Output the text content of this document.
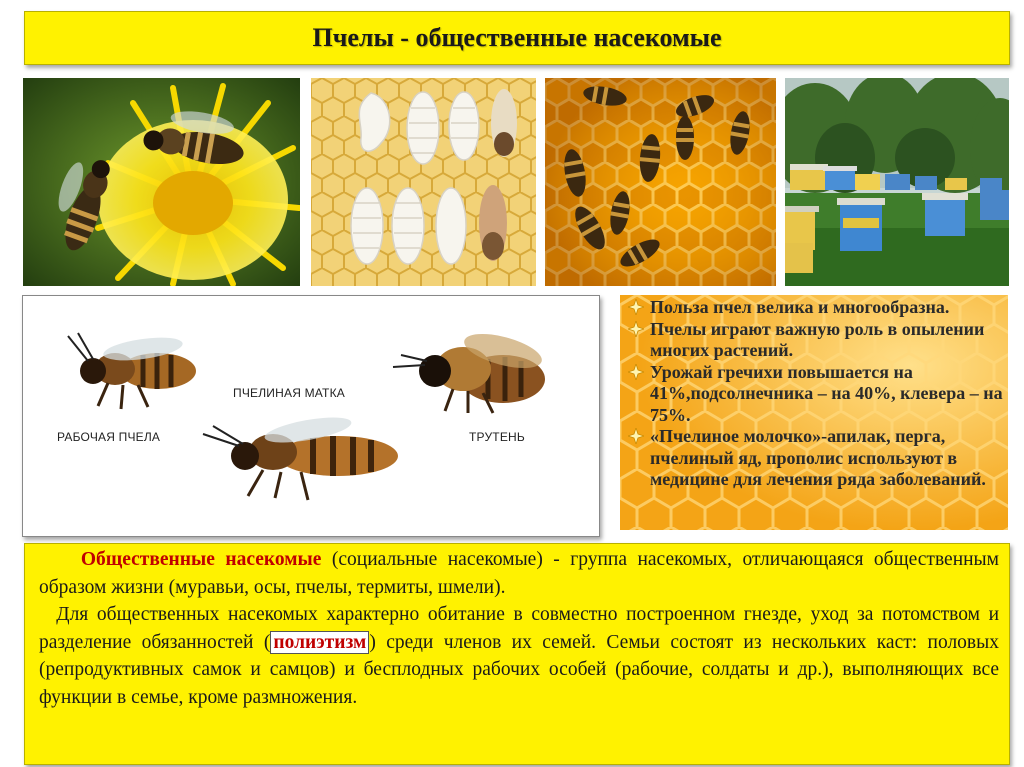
Пчелы - общественные насекомые
РАБОЧАЯ ПЧЕЛА
ПЧЕЛИНАЯ МАТКА
ТРУТЕНЬ
Польза пчел велика и многообразна.
Пчелы играют важную роль в опылении многих растений.
Урожай гречихи повышается на 41%,подсолнечника – на 40%, клевера – на 75%.
«Пчелиное молочко»-апилак, перга, пчелиный яд, прополис используют в медицине для лечения ряда заболеваний.

Общественные насекомые (социальные насекомые) - группа насекомых, отличающаяся общественным образом жизни (муравьи, осы, пчелы, термиты, шмели).

Для общественных насекомых характерно обитание в совместно построенном гнезде, уход за потомством и разделение обязанностей ( полиэтизм ) среди членов их семей. Семьи состоят из нескольких каст: половых (репродуктивных самок и самцов) и бесплодных рабочих особей (рабочие, солдаты и др.), выполняющих все функции в семье, кроме размножения.
